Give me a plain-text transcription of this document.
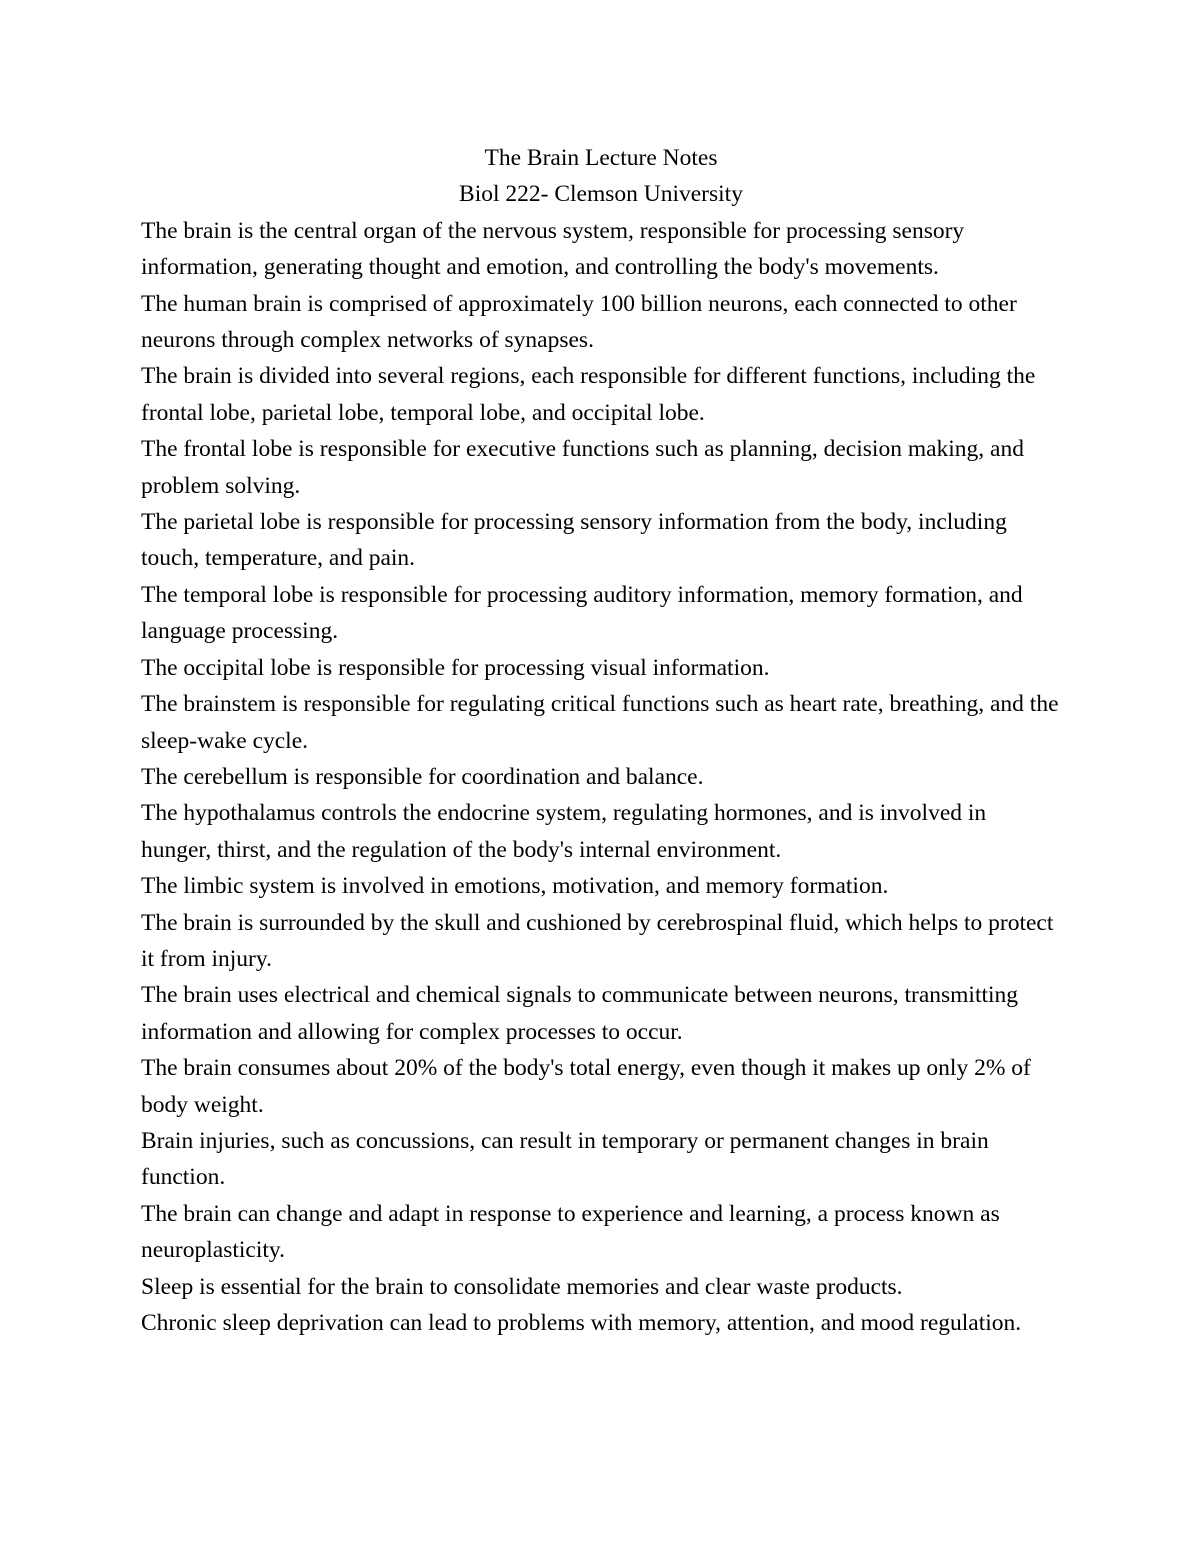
The Brain Lecture Notes
Biol 222- Clemson University

The brain is the central organ of the nervous system, responsible for processing sensory information, generating thought and emotion, and controlling the body's movements.

The human brain is comprised of approximately 100 billion neurons, each connected to other neurons through complex networks of synapses.

The brain is divided into several regions, each responsible for different functions, including the frontal lobe, parietal lobe, temporal lobe, and occipital lobe.

The frontal lobe is responsible for executive functions such as planning, decision making, and problem solving.

The parietal lobe is responsible for processing sensory information from the body, including touch, temperature, and pain.

The temporal lobe is responsible for processing auditory information, memory formation, and language processing.

The occipital lobe is responsible for processing visual information.

The brainstem is responsible for regulating critical functions such as heart rate, breathing, and the sleep-wake cycle.

The cerebellum is responsible for coordination and balance.

The hypothalamus controls the endocrine system, regulating hormones, and is involved in hunger, thirst, and the regulation of the body's internal environment.

The limbic system is involved in emotions, motivation, and memory formation.

The brain is surrounded by the skull and cushioned by cerebrospinal fluid, which helps to protect it from injury.

The brain uses electrical and chemical signals to communicate between neurons, transmitting information and allowing for complex processes to occur.

The brain consumes about 20% of the body's total energy, even though it makes up only 2% of body weight.

Brain injuries, such as concussions, can result in temporary or permanent changes in brain function.

The brain can change and adapt in response to experience and learning, a process known as neuroplasticity.

Sleep is essential for the brain to consolidate memories and clear waste products.

Chronic sleep deprivation can lead to problems with memory, attention, and mood regulation.
